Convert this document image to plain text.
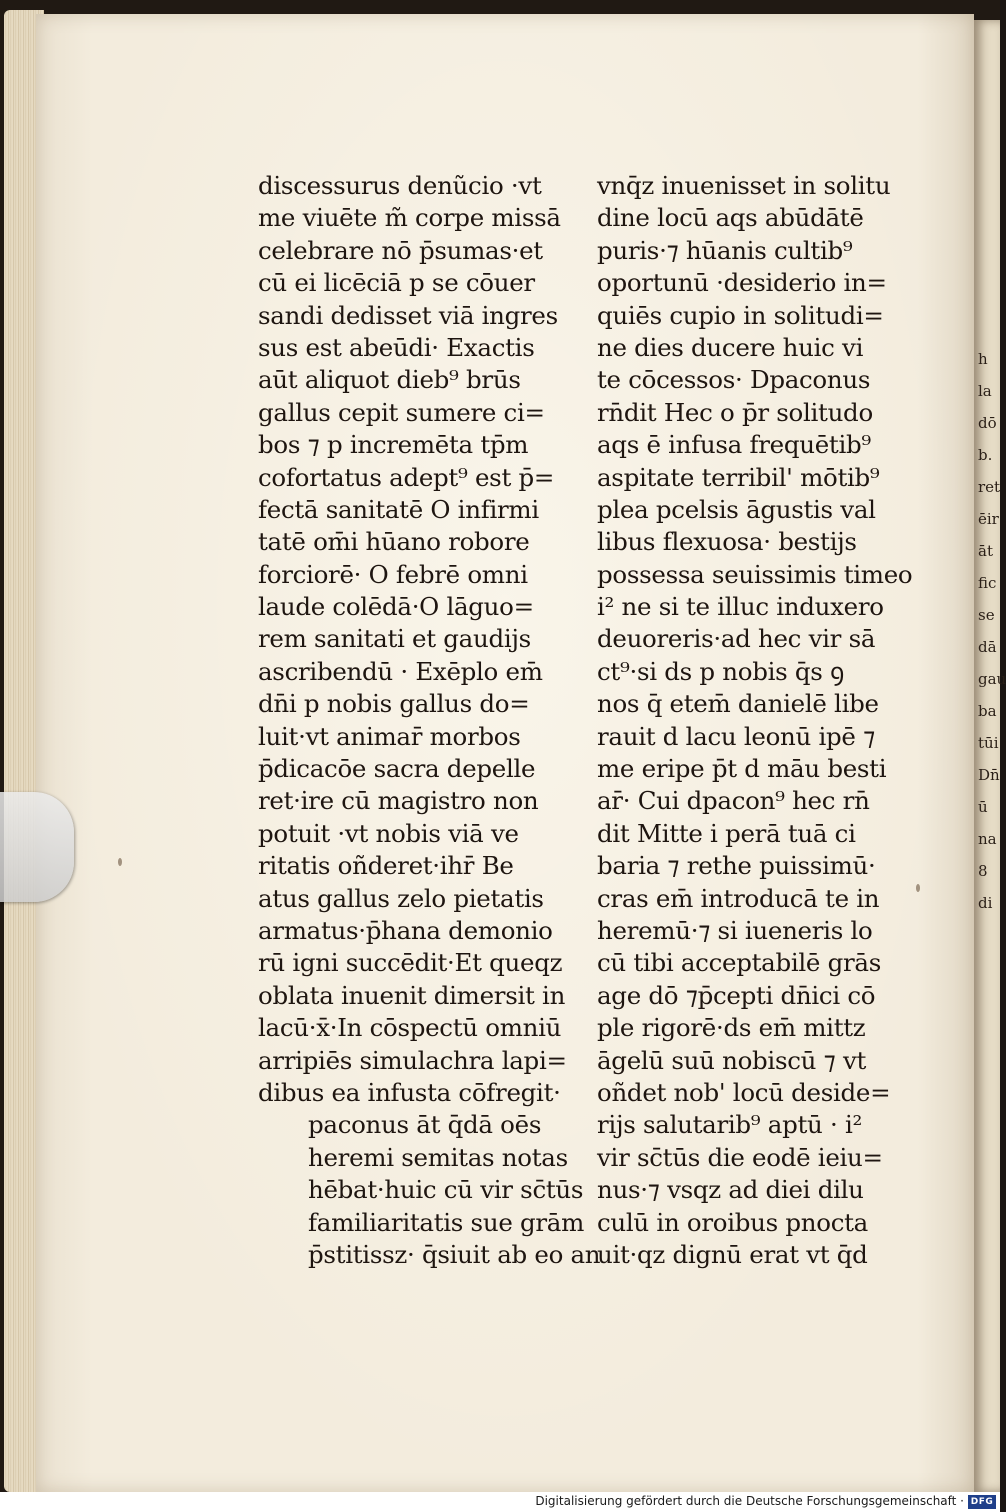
h
la
dō
b.
ret
ēir
āt
fic
se
dā
gau
ba
tūi
Dn̄
ū
na
8
di
discessurus denũcio ·vt
me viuēte m̃ corpe missā
celebrare nō p̄sumas·et
cū ei licēciā p se cōuer
sandi dedisset viā ingres
sus est abeūdi· Exactis
aūt aliquot dieb⁹ brūs
gallus cepit sumere ci=
bos ⁊ p incremēta tp̄m
cofortatus adept⁹ est p̄=
fectā sanitatē O infirmi
tatē om̄i hūano robore
forciorē· O febrē omni
laude colēdā·O lāguo=
rem sanitati et gaudijs
ascribendū · Exēplo em̄
dn̄i p nobis gallus do=
luit·vt animar̄ morbos
p̄dicacōe sacra depelle
ret·ire cū magistro non
potuit ·vt nobis viā ve
ritatis oñderet·ihr̄ Be
atus gallus zelo pietatis
armatus·p̄hana demonio
rū igni succēdit·Et queqz
oblata inuenit dimersit in
lacū·x̄·In cōspectū omniū
arripiēs simulachra lapi=
dibus ea infusta cōfregit·
paconus āt q̄dā oēs
heremi semitas notas
hēbat·huic cū vir sc̄tūs
familiaritatis sue grām
p̄stitissz· q̄siuit ab eo an
vnq̄z inuenisset in solitu
dine locū aqs abūdātē
puris·⁊ hūanis cultib⁹
oportunū ·desiderio in=
quiēs cupio in solitudi=
ne dies ducere huic vi
te cōcessos· Dpaconus
rn̄dit Hec o p̄r solitudo
aqs ē infusa frequētib⁹
aspitate terribil' mōtib⁹
plea pcelsis āgustis val
libus flexuosa· bestijs
possessa seuissimis timeo
i² ne si te illuc induxero
deuoreris·ad hec vir sā
ct⁹·si ds p nobis q̄s ꝯ
nos q̄ etem̄ danielē libe
rauit d lacu leonū ipē ⁊
me eripe p̄t d māu besti
ar̄· Cui dpacon⁹ hec rn̄
dit Mitte i perā tuā ci
baria ⁊ rethe puissimū·
cras em̄ introducā te in
heremū·⁊ si iueneris lo
cū tibi acceptabilē grās
age dō ⁊p̄cepti dn̄ici cō
ple rigorē·ds em̄ mittz
āgelū suū nobiscū ⁊ vt
oñdet nob' locū deside=
rijs salutarib⁹ aptū · i²
vir sc̄tūs die eodē ieiu=
nus·⁊ vsqz ad diei dilu
culū in oroibus pnocta
uit·qz dignū erat vt q̄d
Digitalisierung gefördert durch die Deutsche Forschungsgemeinschaft · DFG
